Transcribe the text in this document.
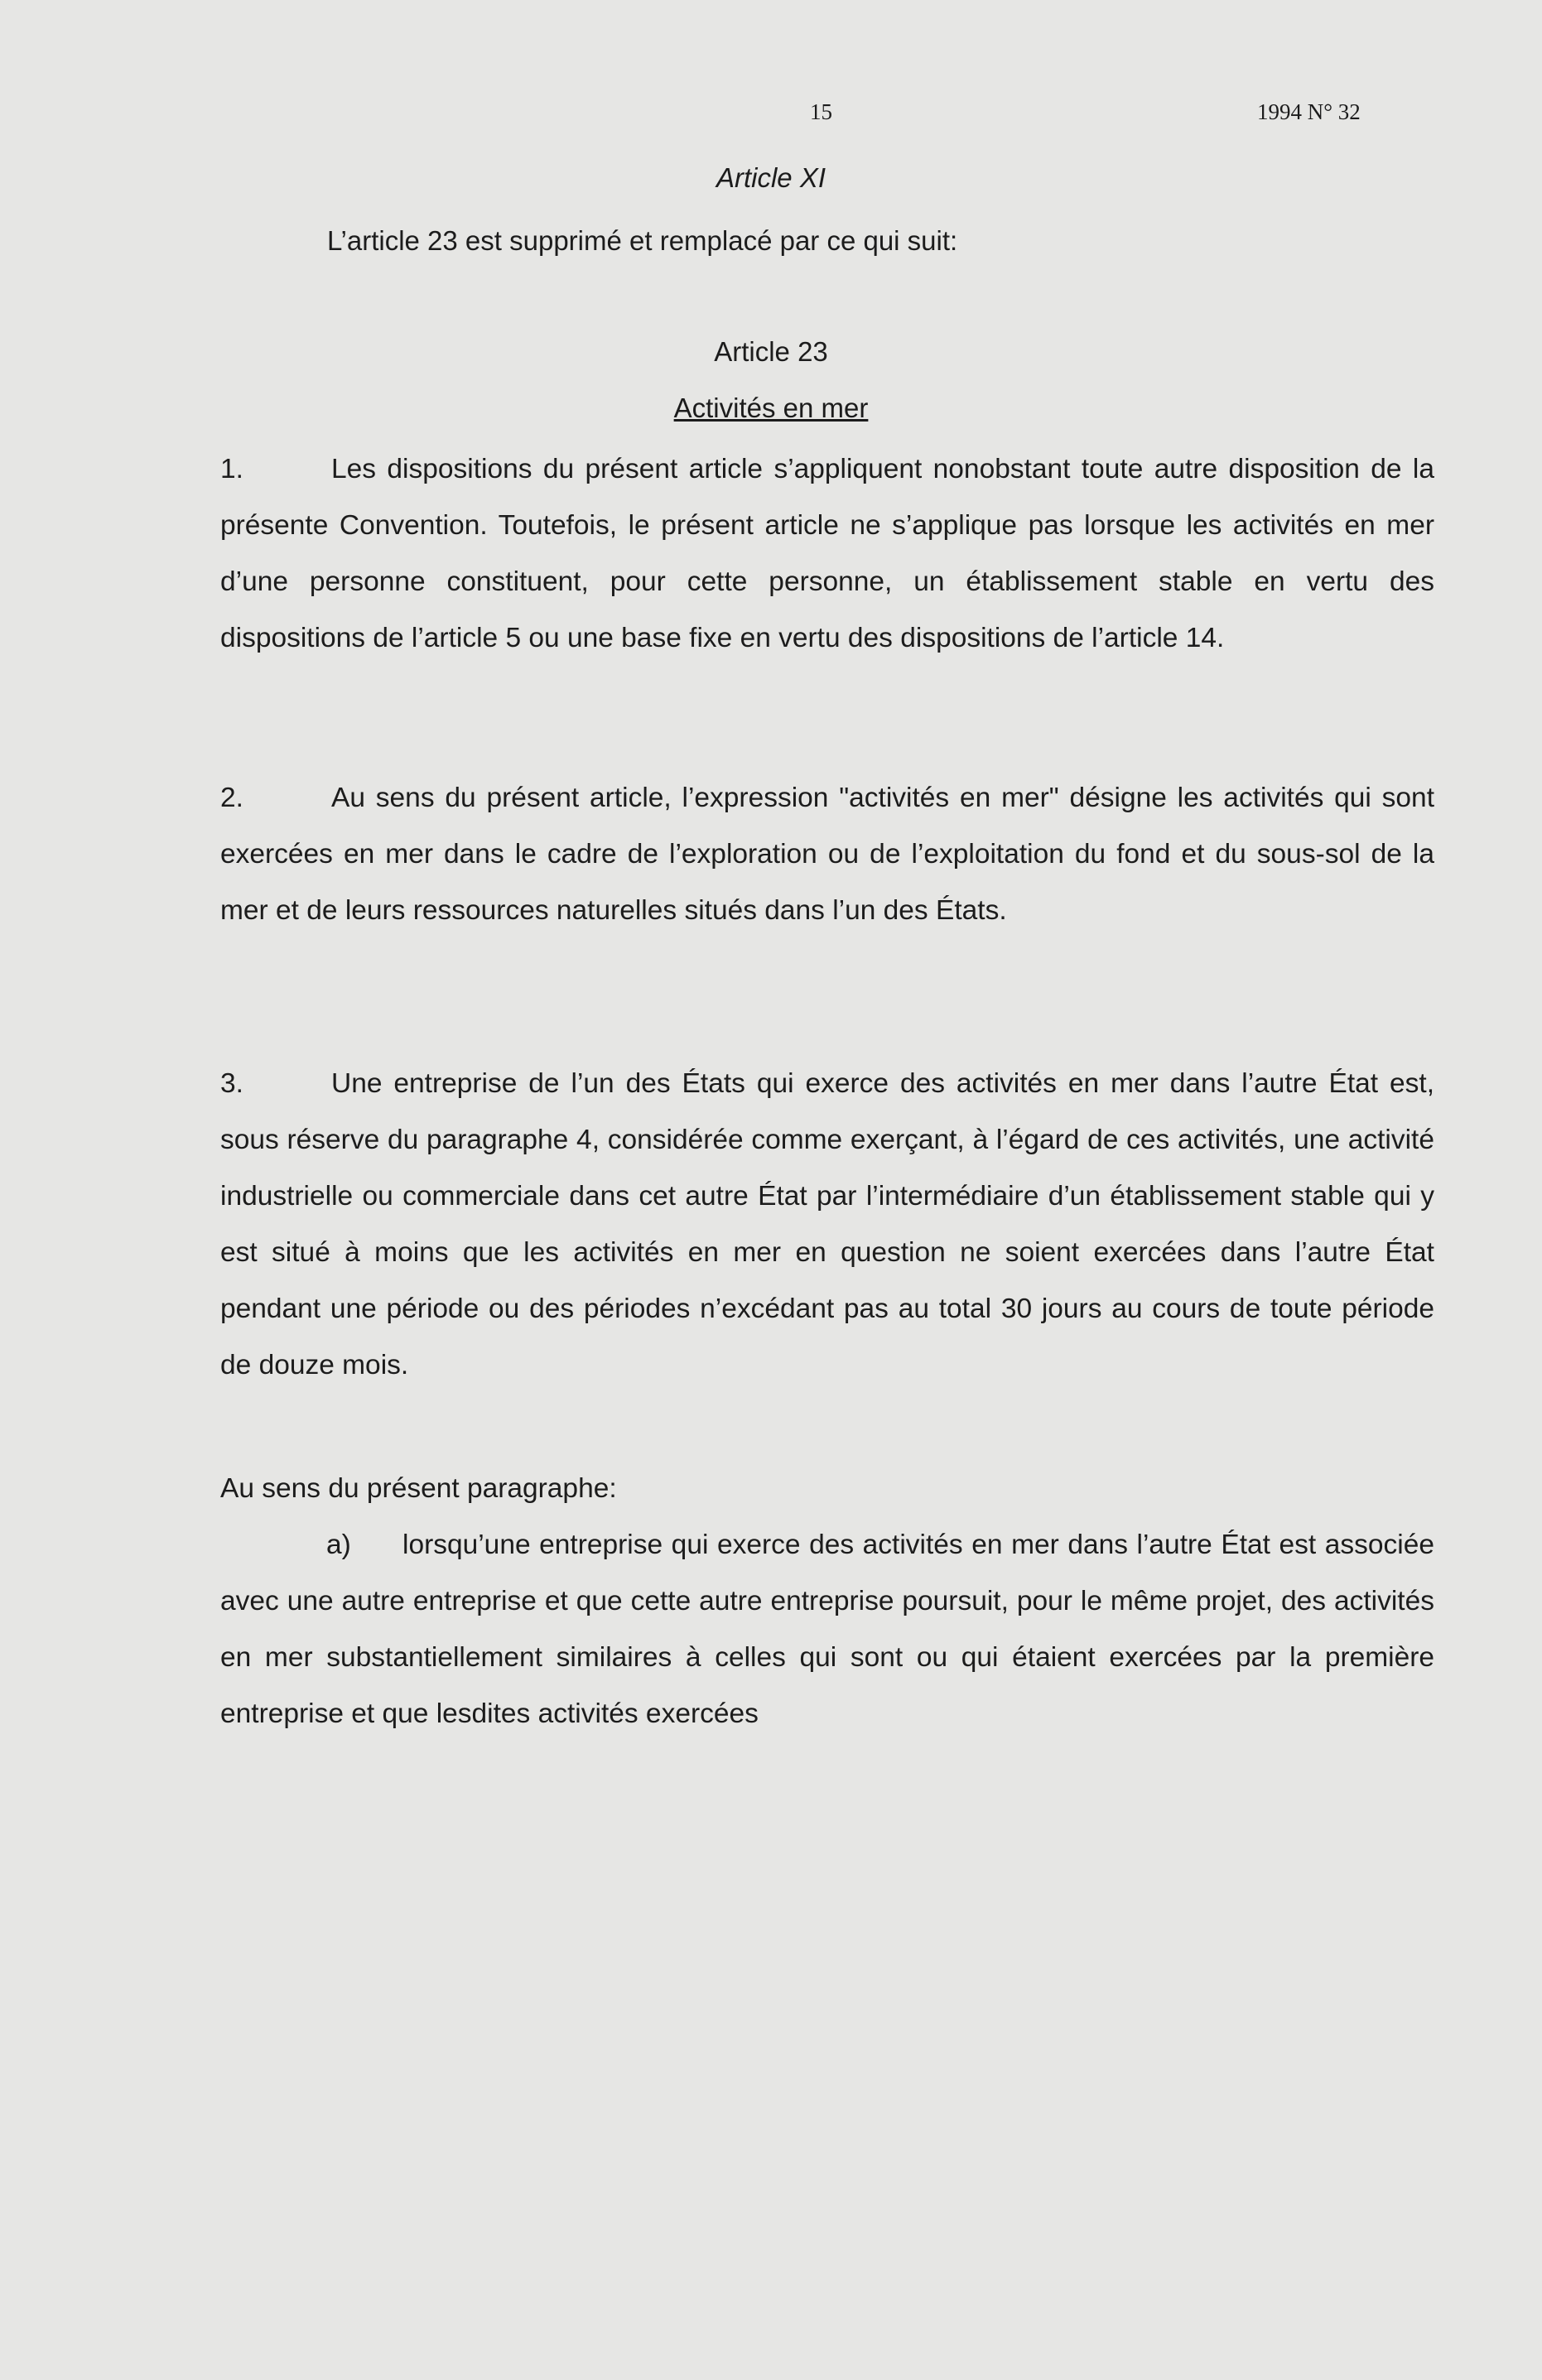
15	1994 N° 32
Article XI
L’article 23 est supprimé et remplacé par ce qui suit:
Article 23
Activités en mer

1.	Les dispositions du présent article s’appliquent nonobstant toute autre disposition de la présente Convention. Toutefois, le présent article ne s’applique pas lorsque les activités en mer d’une personne constituent, pour cette personne, un établissement stable en vertu des dispositions de l’article 5 ou une base fixe en vertu des dispositions de l’article 14.

2.	Au sens du présent article, l’expression "activités en mer" désigne les activités qui sont exercées en mer dans le cadre de l’exploration ou de l’exploitation du fond et du sous-sol de la mer et de leurs ressources naturelles situés dans l’un des États.

3.	Une entreprise de l’un des États qui exerce des activités en mer dans l’autre État est, sous réserve du paragraphe 4, considérée comme exerçant, à l’égard de ces activités, une activité industrielle ou commerciale dans cet autre État par l’intermédiaire d’un établissement stable qui y est situé à moins que les activités en mer en question ne soient exercées dans l’autre État pendant une période ou des périodes n’excédant pas au total 30 jours au cours de toute période de douze mois.

Au sens du présent paragraphe:

a) lorsqu’une entreprise qui exerce des activités en mer dans l’autre État est associée avec une autre entreprise et que cette autre entreprise poursuit, pour le même projet, des activités en mer substantiellement similaires à celles qui sont ou qui étaient exercées par la première entreprise et que lesdites activités exercées
